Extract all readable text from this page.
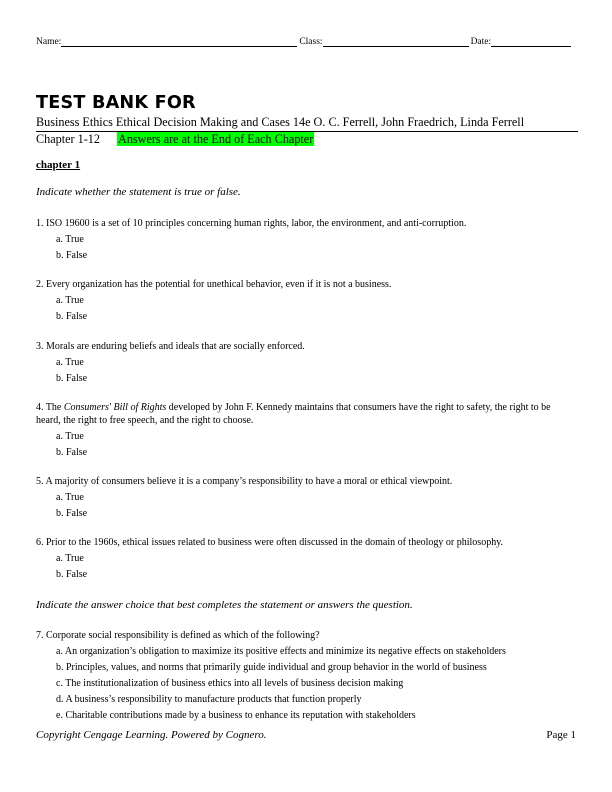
Name:	Class:	Date:
TEST BANK FOR
Business Ethics Ethical Decision Making and Cases 14e O. C. Ferrell, John Fraedrich, Linda Ferrell
Chapter 1-12 Answers are at the End of Each Chapter
chapter 1
Indicate whether the statement is true or false.

1. ISO 19600 is a set of 10 principles concerning human rights, labor, the environment, and anti-corruption.

a. True
b. False

2. Every organization has the potential for unethical behavior, even if it is not a business.

a. True
b. False

3. Morals are enduring beliefs and ideals that are socially enforced.

a. True
b. False

4. The Consumers' Bill of Rights developed by John F. Kennedy maintains that consumers have the right to safety, the right to be heard, the right to free speech, and the right to choose.

a. True
b. False

5. A majority of consumers believe it is a company’s responsibility to have a moral or ethical viewpoint.

a. True
b. False

6. Prior to the 1960s, ethical issues related to business were often discussed in the domain of theology or philosophy.

a. True
b. False
Indicate the answer choice that best completes the statement or answers the question.

7. Corporate social responsibility is defined as which of the following?

a. An organization’s obligation to maximize its positive effects and minimize its negative effects on stakeholders
b. Principles, values, and norms that primarily guide individual and group behavior in the world of business
c. The institutionalization of business ethics into all levels of business decision making
d. A business’s responsibility to manufacture products that function properly
e. Charitable contributions made by a business to enhance its reputation with stakeholders
Copyright Cengage Learning. Powered by Cognero.	Page 1
